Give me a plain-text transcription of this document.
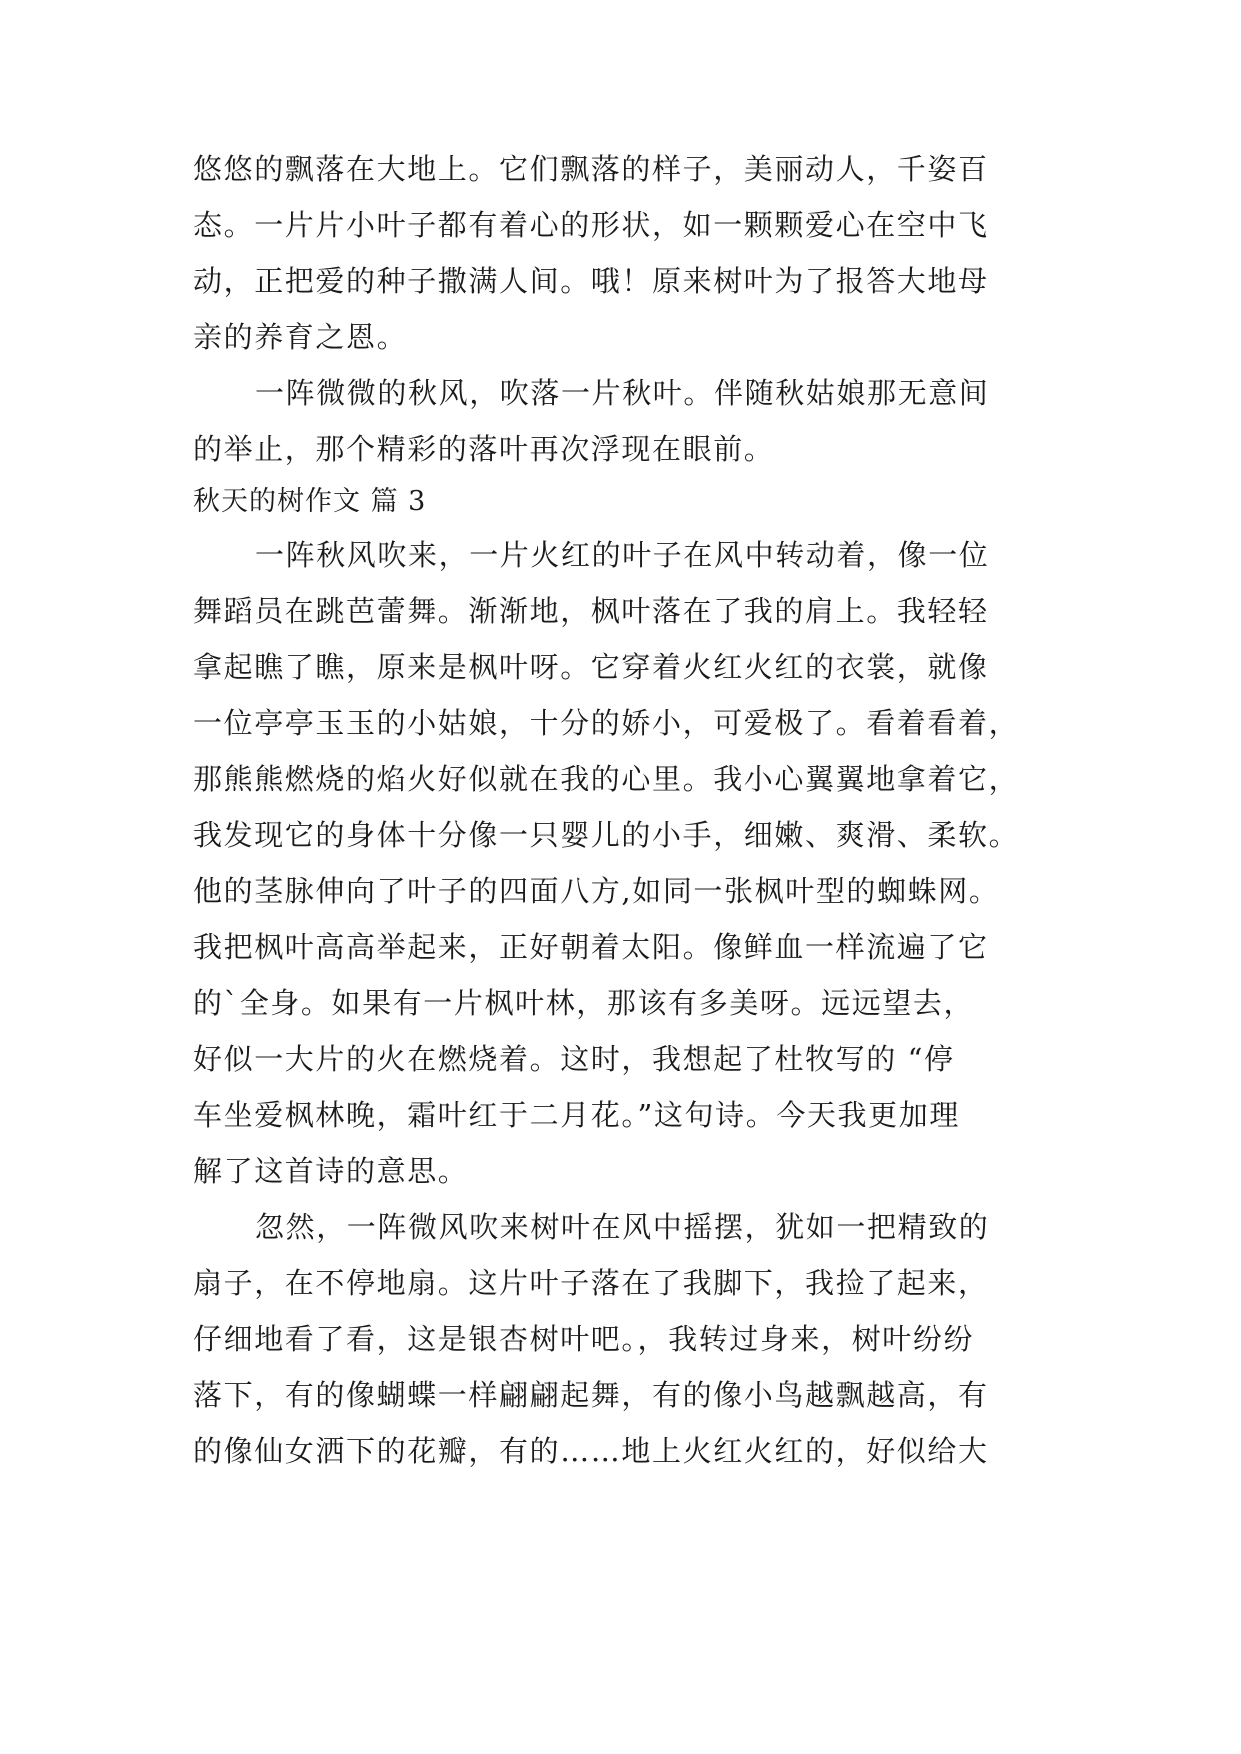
悠悠的飘落在大地上。它们飘落的样子，美丽动人，千姿百
态。一片片小叶子都有着心的形状，如一颗颗爱心在空中飞
动，正把爱的种子撒满人间。哦！原来树叶为了报答大地母
亲的养育之恩。
一阵微微的秋风，吹落一片秋叶。伴随秋姑娘那无意间
的举止，那个精彩的落叶再次浮现在眼前。
秋天的树作文 篇 3
一阵秋风吹来，一片火红的叶子在风中转动着，像一位
舞蹈员在跳芭蕾舞。渐渐地，枫叶落在了我的肩上。我轻轻
拿起瞧了瞧，原来是枫叶呀。它穿着火红火红的衣裳，就像
一位亭亭玉玉的小姑娘，十分的娇小，可爱极了。看着看着，
那熊熊燃烧的焰火好似就在我的心里。我小心翼翼地拿着它，
我发现它的身体十分像一只婴儿的小手，细嫩、爽滑、柔软。
他的茎脉伸向了叶子的四面八方,如同一张枫叶型的蜘蛛网。
我把枫叶高高举起来，正好朝着太阳。像鲜血一样流遍了它
的`全身。如果有一片枫叶林，那该有多美呀。远远望去，
好似一大片的火在燃烧着。这时，我想起了杜牧写的 “停
车坐爱枫林晚，霜叶红于二月花。”这句诗。今天我更加理
解了这首诗的意思。
忽然，一阵微风吹来树叶在风中摇摆，犹如一把精致的
扇子，在不停地扇。这片叶子落在了我脚下，我捡了起来，
仔细地看了看，这是银杏树叶吧。，我转过身来，树叶纷纷
落下，有的像蝴蝶一样翩翩起舞，有的像小鸟越飘越高，有
的像仙女洒下的花瓣，有的……地上火红火红的，好似给大
